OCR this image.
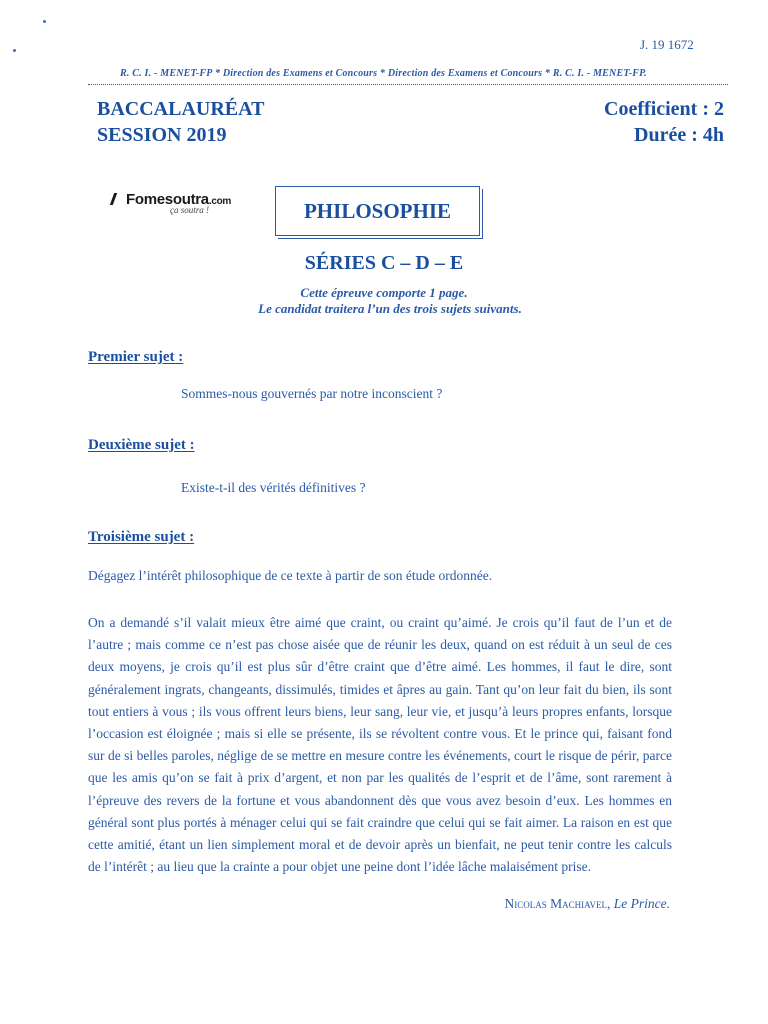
J. 19 1672
R. C. I. - MENET-FP * Direction des Examens et Concours * Direction des Examens et Concours * R. C. I. - MENET-FP.
BACCALAURÉAT
SESSION 2019
Coefficient : 2
Durée : 4h
Fomesoutra.com
ça soutra !	PHILOSOPHIE
SÉRIES C – D – E
Cette épreuve comporte 1 page.
Le candidat traitera l’un des trois sujets suivants.
Premier sujet :
Sommes-nous gouvernés par notre inconscient ?
Deuxième sujet :
Existe-t-il des vérités définitives ?
Troisième sujet :
Dégagez l’intérêt philosophique de ce texte à partir de son étude ordonnée.

On a demandé s’il valait mieux être aimé que craint, ou craint qu’aimé. Je crois qu’il faut de l’un et de l’autre ; mais comme ce n’est pas chose aisée que de réunir les deux, quand on est réduit à un seul de ces deux moyens, je crois qu’il est plus sûr d’être craint que d’être aimé. Les hommes, il faut le dire, sont généralement ingrats, changeants, dissimulés, timides et âpres au gain. Tant qu’on leur fait du bien, ils sont tout entiers à vous ; ils vous offrent leurs biens, leur sang, leur vie, et jusqu’à leurs propres enfants, lorsque l’occasion est éloignée ; mais si elle se présente, ils se révoltent contre vous. Et le prince qui, faisant fond sur de si belles paroles, néglige de se mettre en mesure contre les événements, court le risque de périr, parce que les amis qu’on se fait à prix d’argent, et non par les qualités de l’esprit et de l’âme, sont rarement à l’épreuve des revers de la fortune et vous abandonnent dès que vous avez besoin d’eux. Les hommes en général sont plus portés à ménager celui qui se fait craindre que celui qui se fait aimer. La raison en est que cette amitié, étant un lien simplement moral et de devoir après un bienfait, ne peut tenir contre les calculs de l’intérêt ; au lieu que la crainte a pour objet une peine dont l’idée lâche malaisément prise.

Nicolas Machiavel, Le Prince.
